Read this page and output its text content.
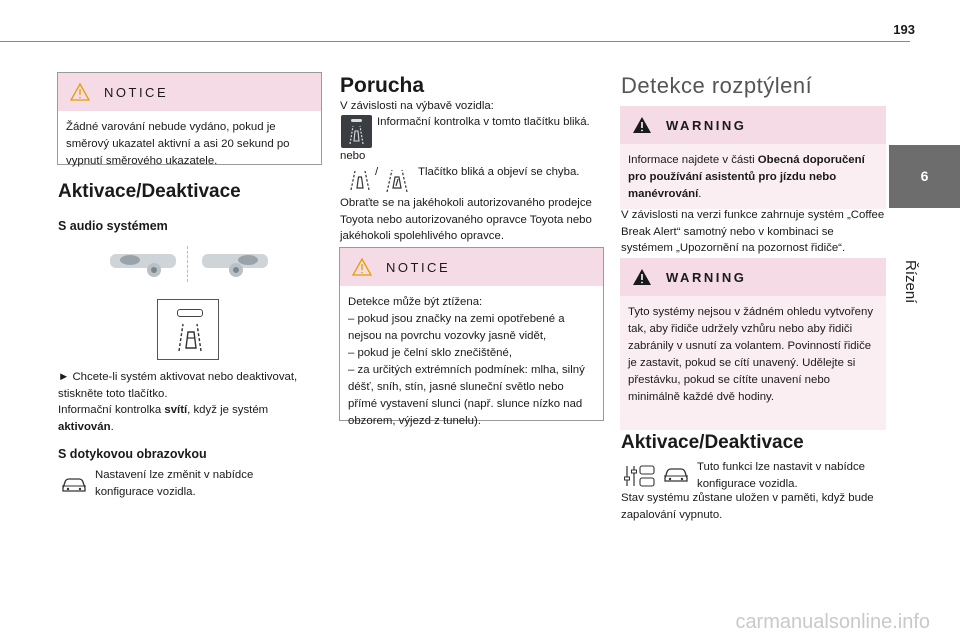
193
6
Řízení
NOTICE
Žádné varování nebude vydáno, pokud je směrový ukazatel aktivní a asi 20 sekund po vypnutí směrového ukazatele.
Aktivace/Deaktivace
S audio systémem

► Chcete-li systém aktivovat nebo deaktivovat, stiskněte toto tlačítko.

Informační kontrolka svítí, když je systém aktivován.

S dotykovou obrazovkou
Nastavení lze změnit v nabídce konfigurace vozidla.
Porucha
V závislosti na výbavě vozidla:
Informační kontrolka v tomto tlačítku bliká.
nebo
/	Tlačítko bliká a objeví se chyba.
Obraťte se na jakéhokoli autorizovaného prodejce Toyota nebo autorizovaného opravce Toyota nebo jakéhokoli spolehlivého opravce.
NOTICE

Detekce může být ztížena:

– pokud jsou značky na zemi opotřebené a nejsou na povrchu vozovky jasně vidět,

– pokud je čelní sklo znečištěné,

– za určitých extrémních podmínek: mlha, silný déšť, sníh, stín, jasné sluneční světlo nebo přímé vystavení slunci (např. slunce nízko nad obzorem, výjezd z tunelu).

Detekce rozptýlení
WARNING
Informace najdete v části Obecná doporučení pro používání asistentů pro jízdu nebo manévrování.
V závislosti na verzi funkce zahrnuje systém „Coffee Break Alert“ samotný nebo v kombinaci se systémem „Upozornění na pozornost řidiče“.
WARNING
Tyto systémy nejsou v žádném ohledu vytvořeny tak, aby řidiče udržely vzhůru nebo aby řidiči zabránily v usnutí za volantem. Povinností řidiče je zastavit, pokud se cítí unavený. Udělejte si přestávku, pokud se cítíte unavení nebo minimálně každé dvě hodiny.
Aktivace/Deaktivace
Tuto funkci lze nastavit v nabídce konfigurace vozidla.
Stav systému zůstane uložen v paměti, když bude zapalování vypnuto.
carmanualsonline.info
